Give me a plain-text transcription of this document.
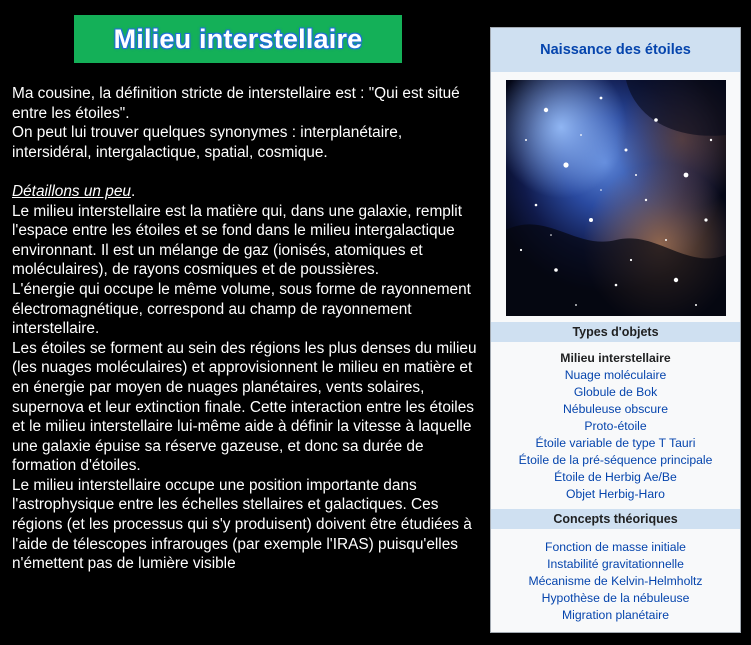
Milieu interstellaire

Ma cousine, la définition stricte de interstellaire est : "Qui est situé entre les étoiles".

On peut lui trouver quelques synonymes : interplanétaire, intersidéral, intergalactique, spatial, cosmique.

Détaillons un peu.

Le milieu interstellaire est la matière qui, dans une galaxie, remplit l'espace entre les étoiles et se fond dans le milieu intergalactique environnant. Il est un mélange de gaz (ionisés, atomiques et moléculaires), de rayons cosmiques et de poussières.

L'énergie qui occupe le même volume, sous forme de rayonnement électromagnétique, correspond au champ de rayonnement interstellaire.

Les étoiles se forment au sein des régions les plus denses du milieu (les nuages moléculaires) et approvisionnent le milieu en matière et en énergie par moyen de nuages planétaires, vents solaires, supernova et leur extinction finale. Cette interaction entre les étoiles et le milieu interstellaire lui-même aide à définir la vitesse à laquelle une galaxie épuise sa réserve gazeuse, et donc sa durée de formation d'étoiles.

Le milieu interstellaire occupe une position importante dans l'astrophysique entre les échelles stellaires et galactiques. Ces régions (et les processus qui s'y produisent) doivent être étudiées à l'aide de télescopes infrarouges (par exemple l'IRAS) puisqu'elles n'émettent pas de lumière visible

Naissance des étoiles
Types d'objets
Milieu interstellaire
Nuage moléculaire
Globule de Bok
Nébuleuse obscure
Proto-étoile
Étoile variable de type T Tauri
Étoile de la pré-séquence principale
Étoile de Herbig Ae/Be
Objet Herbig-Haro
Concepts théoriques
Fonction de masse initiale
Instabilité gravitationnelle
Mécanisme de Kelvin-Helmholtz
Hypothèse de la nébuleuse
Migration planétaire
